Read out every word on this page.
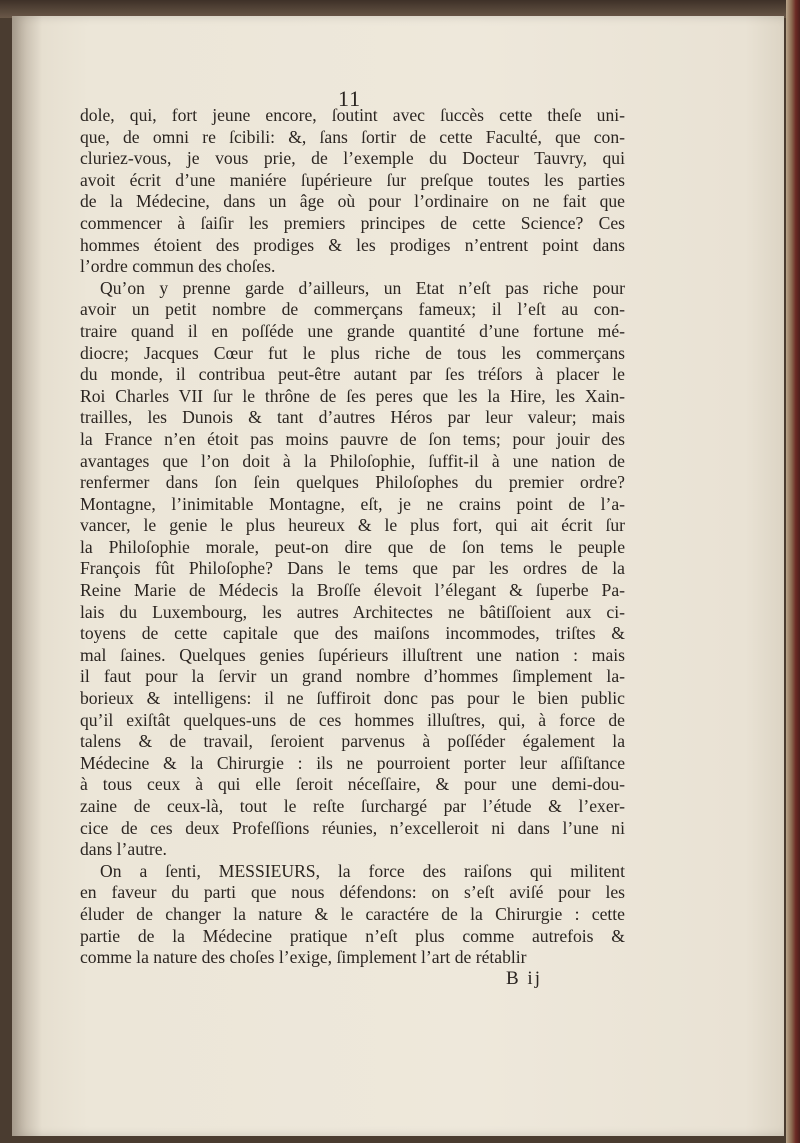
11
dole, qui, fort jeune encore, ſoutint avec ſuccès cette theſe uni-
que, de omni re ſcibili: &, ſans ſortir de cette Faculté, que con-
cluriez-vous, je vous prie, de l’exemple du Docteur Tauvry, qui
avoit écrit d’une maniére ſupérieure ſur preſque toutes les parties
de la Médecine, dans un âge où pour l’ordinaire on ne fait que
commencer à ſaiſir les premiers principes de cette Science? Ces
hommes étoient des prodiges & les prodiges n’entrent point dans
l’ordre commun des choſes.
Qu’on y prenne garde d’ailleurs, un Etat n’eſt pas riche pour
avoir un petit nombre de commerçans fameux; il l’eſt au con-
traire quand il en poſſéde une grande quantité d’une fortune mé-
diocre; Jacques Cœur fut le plus riche de tous les commerçans
du monde, il contribua peut-être autant par ſes tréſors à placer le
Roi Charles VII ſur le thrône de ſes peres que les la Hire, les Xain-
trailles, les Dunois & tant d’autres Héros par leur valeur; mais
la France n’en étoit pas moins pauvre de ſon tems; pour jouir des
avantages que l’on doit à la Philoſophie, ſuffit-il à une nation de
renfermer dans ſon ſein quelques Philoſophes du premier ordre?
Montagne, l’inimitable Montagne, eſt, je ne crains point de l’a-
vancer, le genie le plus heureux & le plus fort, qui ait écrit ſur
la Philoſophie morale, peut-on dire que de ſon tems le peuple
François fût Philoſophe? Dans le tems que par les ordres de la
Reine Marie de Médecis la Broſſe élevoit l’élegant & ſuperbe Pa-
lais du Luxembourg, les autres Architectes ne bâtiſſoient aux ci-
toyens de cette capitale que des maiſons incommodes, triſtes &
mal ſaines. Quelques genies ſupérieurs illuſtrent une nation : mais
il faut pour la ſervir un grand nombre d’hommes ſimplement la-
borieux & intelligens: il ne ſuffiroit donc pas pour le bien public
qu’il exiſtât quelques-uns de ces hommes illuſtres, qui, à force de
talens & de travail, ſeroient parvenus à poſſéder également la
Médecine & la Chirurgie : ils ne pourroient porter leur aſſiſtance
à tous ceux à qui elle ſeroit néceſſaire, & pour une demi-dou-
zaine de ceux-là, tout le reſte ſurchargé par l’étude & l’exer-
cice de ces deux Profeſſions réunies, n’excelleroit ni dans l’une ni
dans l’autre.
On a ſenti, MESSIEURS, la force des raiſons qui militent
en faveur du parti que nous défendons: on s’eſt aviſé pour les
éluder de changer la nature & le caractére de la Chirurgie : cette
partie de la Médecine pratique n’eſt plus comme autrefois &
comme la nature des choſes l’exige, ſimplement l’art de rétablir
B ij
